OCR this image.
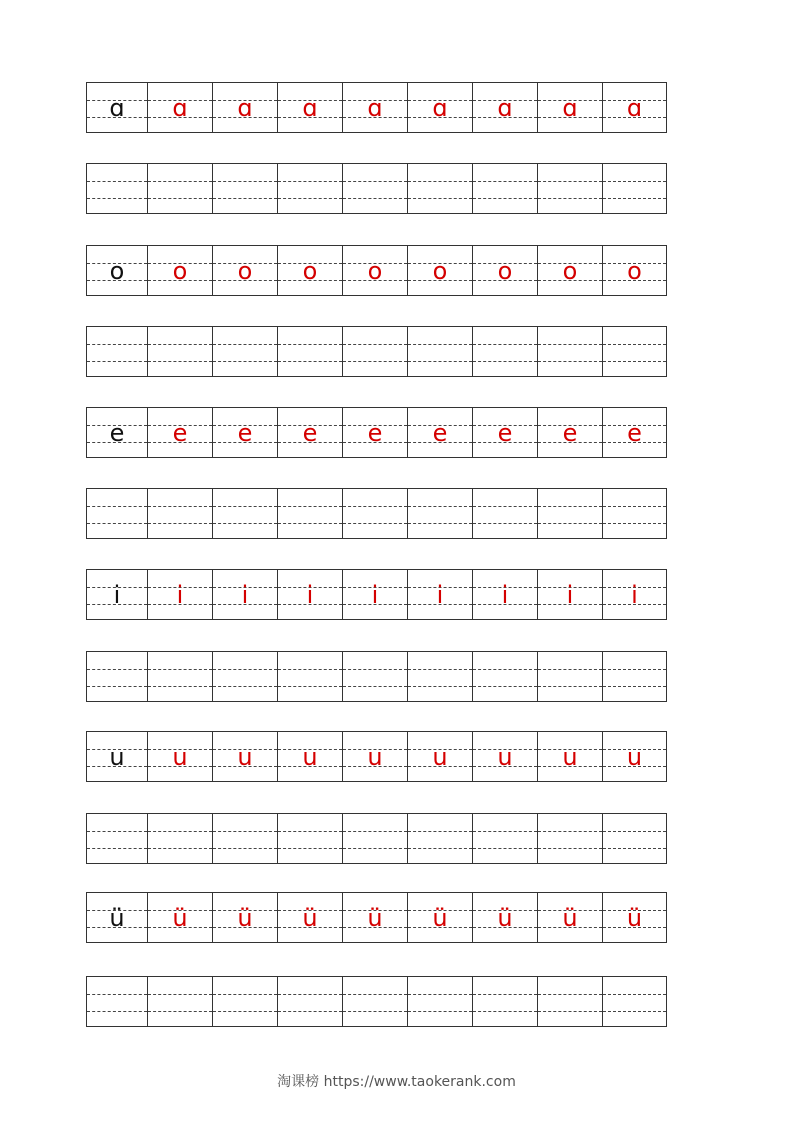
ɑ ɑ ɑ ɑ ɑ ɑ ɑ ɑ ɑ
o o o o o o o o o
e e e e e e e e e
i i i i i i i i i
u u u u u u u u u
ü ü ü ü ü ü ü ü ü
淘课榜 https://www.taokerank.com
